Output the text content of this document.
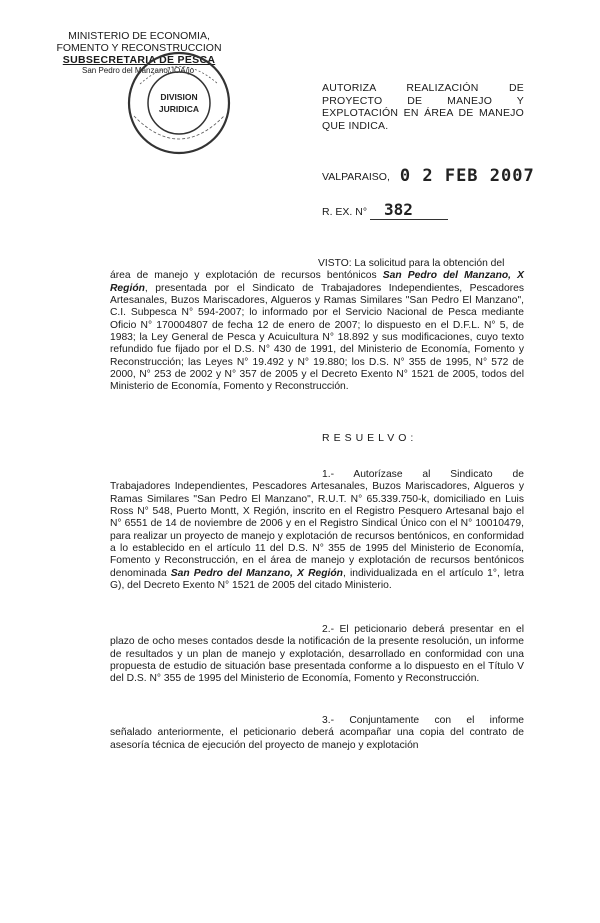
MINISTERIO DE ECONOMIA,
FOMENTO Y RECONSTRUCCION
SUBSECRETARIA DE PESCA
San Pedro del Manzano/JOA/jo
DIVISION
JURIDICA
AUTORIZA REALIZACIÓN DE
PROYECTO DE MANEJO Y
EXPLOTACIÓN EN ÁREA DE MANEJO
QUE INDICA.
VALPARAISO, 0 2 FEB 2007
R. EX. N° 382
VISTO: La solicitud para la obtención del
área de manejo y explotación de recursos bentónicos San Pedro del Manzano, X Región, presentada por el Sindicato de Trabajadores Independientes, Pescadores Artesanales, Buzos Mariscadores, Algueros y Ramas Similares "San Pedro El Manzano", C.I. Subpesca N° 594-2007; lo informado por el Servicio Nacional de Pesca mediante Oficio N° 170004807 de fecha 12 de enero de 2007; lo dispuesto en el D.F.L. N° 5, de 1983; la Ley General de Pesca y Acuicultura N° 18.892 y sus modificaciones, cuyo texto refundido fue fijado por el D.S. N° 430 de 1991, del Ministerio de Economía, Fomento y Reconstrucción; las Leyes N° 19.492 y N° 19.880; los D.S. N° 355 de 1995, N° 572 de 2000, N° 253 de 2002 y N° 357 de 2005 y el Decreto Exento N° 1521 de 2005, todos del Ministerio de Economía, Fomento y Reconstrucción.
RESUELVO:
1.- Autorízase al Sindicato de
Trabajadores Independientes, Pescadores Artesanales, Buzos Mariscadores, Algueros y Ramas Similares "San Pedro El Manzano", R.U.T. N° 65.339.750-k, domiciliado en Luis Ross N° 548, Puerto Montt, X Región, inscrito en el Registro Pesquero Artesanal bajo el N° 6551 de 14 de noviembre de 2006 y en el Registro Sindical Único con el N° 10010479, para realizar un proyecto de manejo y explotación de recursos bentónicos, en conformidad a lo establecido en el artículo 11 del D.S. N° 355 de 1995 del Ministerio de Economía, Fomento y Reconstrucción, en el área de manejo y explotación de recursos bentónicos denominada San Pedro del Manzano, X Región, individualizada en el artículo 1°, letra G), del Decreto Exento N° 1521 de 2005 del citado Ministerio.
2.- El peticionario deberá presentar en el
plazo de ocho meses contados desde la notificación de la presente resolución, un informe de resultados y un plan de manejo y explotación, desarrollado en conformidad con una propuesta de estudio de situación base presentada conforme a lo dispuesto en el Título V del D.S. N° 355 de 1995 del Ministerio de Economía, Fomento y Reconstrucción.
3.- Conjuntamente con el informe
señalado anteriormente, el peticionario deberá acompañar una copia del contrato de asesoría técnica de ejecución del proyecto de manejo y explotación
